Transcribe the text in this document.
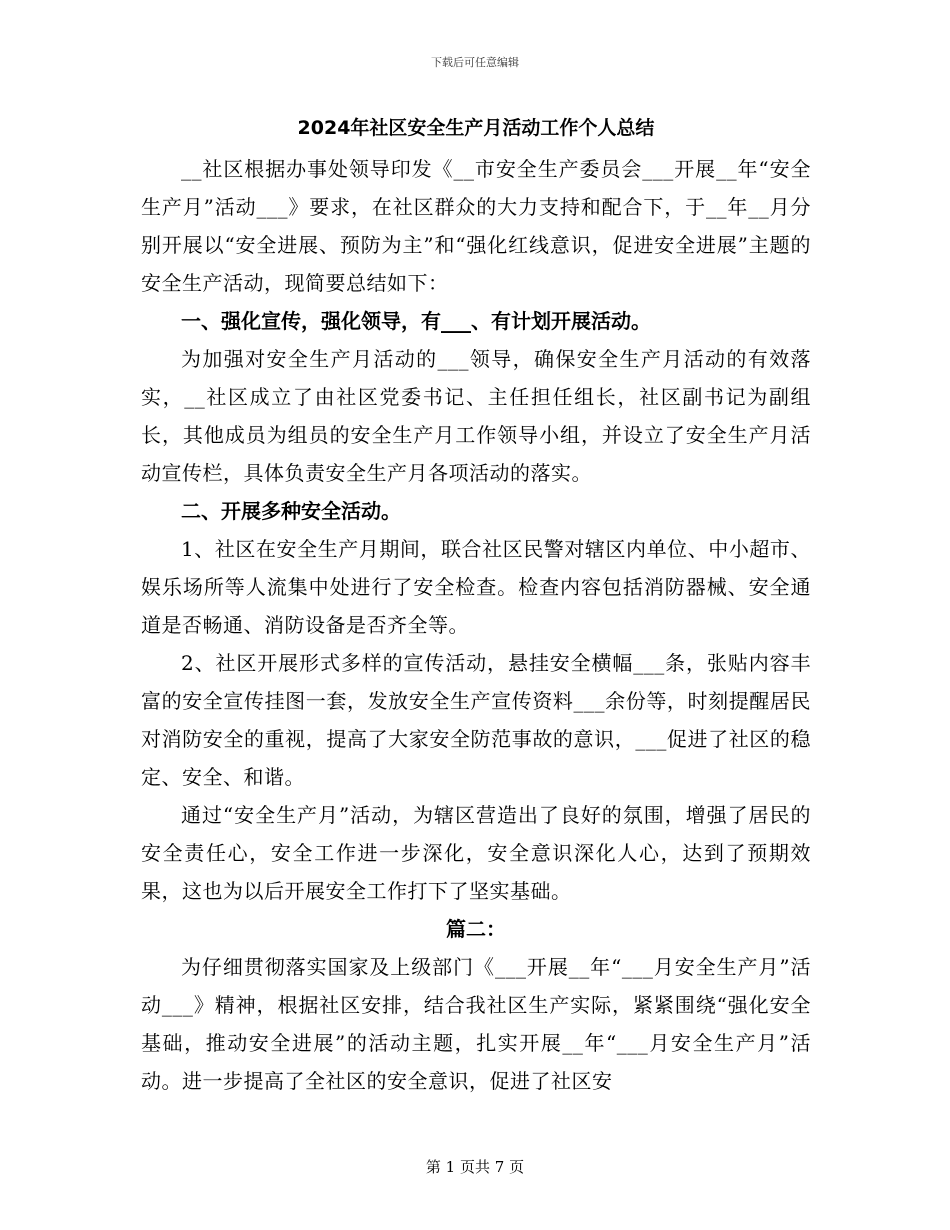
下载后可任意编辑
2024年社区安全生产月活动工作个人总结

__社区根据办事处领导印发《__市安全生产委员会___开展__年“安全生产月”活动___》要求，在社区群众的大力支持和配合下，于__年__月分别开展以“安全进展、预防为主”和“强化红线意识，促进安全进展”主题的安全生产活动，现简要总结如下：

一、强化宣传，强化领导，有___、有计划开展活动。

为加强对安全生产月活动的___领导，确保安全生产月活动的有效落实，__社区成立了由社区党委书记、主任担任组长，社区副书记为副组长，其他成员为组员的安全生产月工作领导小组，并设立了安全生产月活动宣传栏，具体负责安全生产月各项活动的落实。

二、开展多种安全活动。

1、社区在安全生产月期间，联合社区民警对辖区内单位、中小超市、娱乐场所等人流集中处进行了安全检查。检查内容包括消防器械、安全通道是否畅通、消防设备是否齐全等。

2、社区开展形式多样的宣传活动，悬挂安全横幅___条，张贴内容丰富的安全宣传挂图一套，发放安全生产宣传资料___余份等，时刻提醒居民对消防安全的重视，提高了大家安全防范事故的意识，___促进了社区的稳定、安全、和谐。

通过“安全生产月”活动，为辖区营造出了良好的氛围，增强了居民的安全责任心，安全工作进一步深化，安全意识深化人心，达到了预期效果，这也为以后开展安全工作打下了坚实基础。

篇二：

为仔细贯彻落实国家及上级部门《___开展__年“___月安全生产月”活动___》精神，根据社区安排，结合我社区生产实际，紧紧围绕“强化安全基础，推动安全进展”的活动主题，扎实开展__年“___月安全生产月”活动。进一步提高了全社区的安全意识，促进了社区安

第 1 页共 7 页
